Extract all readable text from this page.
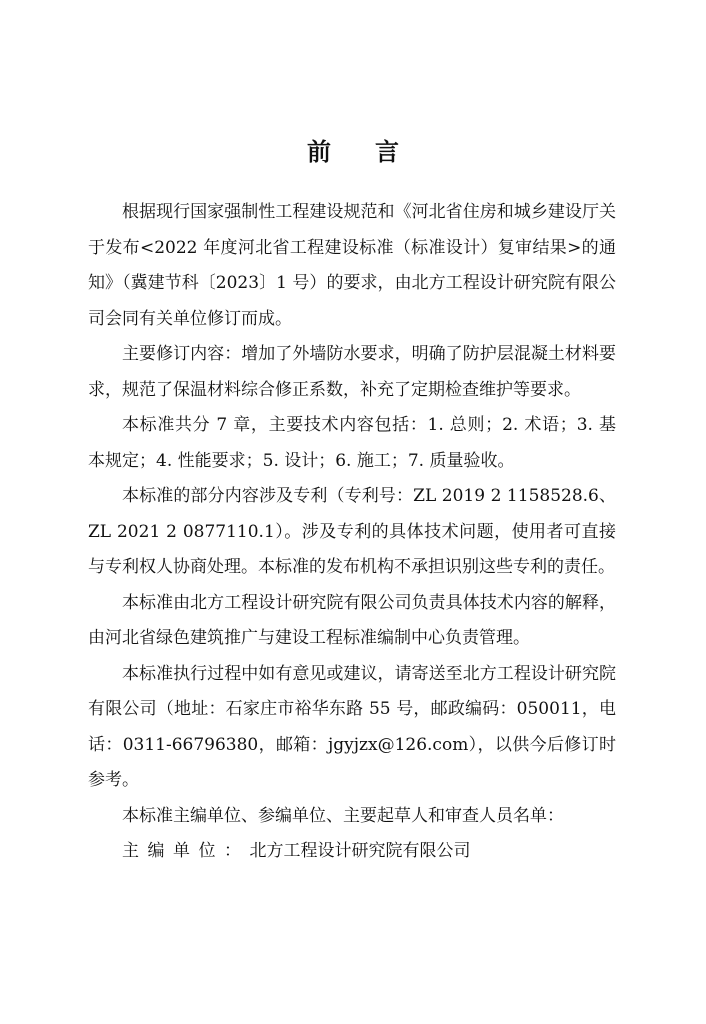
前言

根据现行国家强制性工程建设规范和《河北省住房和城乡建设厅关于发布<2022 年度河北省工程建设标准（标准设计）复审结果>的通知》（冀建节科〔2023〕1 号）的要求，由北方工程设计研究院有限公司会同有关单位修订而成。

主要修订内容：增加了外墙防水要求，明确了防护层混凝土材料要求，规范了保温材料综合修正系数，补充了定期检查维护等要求。

本标准共分 7 章，主要技术内容包括：1. 总则；2. 术语；3. 基本规定；4. 性能要求；5. 设计；6. 施工；7. 质量验收。

本标准的部分内容涉及专利（专利号：ZL 2019 2 1158528.6、ZL 2021 2 0877110.1）。涉及专利的具体技术问题，使用者可直接与专利权人协商处理。本标准的发布机构不承担识别这些专利的责任。

本标准由北方工程设计研究院有限公司负责具体技术内容的解释，由河北省绿色建筑推广与建设工程标准编制中心负责管理。

本标准执行过程中如有意见或建议，请寄送至北方工程设计研究院有限公司（地址：石家庄市裕华东路 55 号，邮政编码：050011，电话：0311-66796380，邮箱：jgyjzx@126.com），以供今后修订时参考。

本标准主编单位、参编单位、主要起草人和审查人员名单：

主编单位：北方工程设计研究院有限公司
